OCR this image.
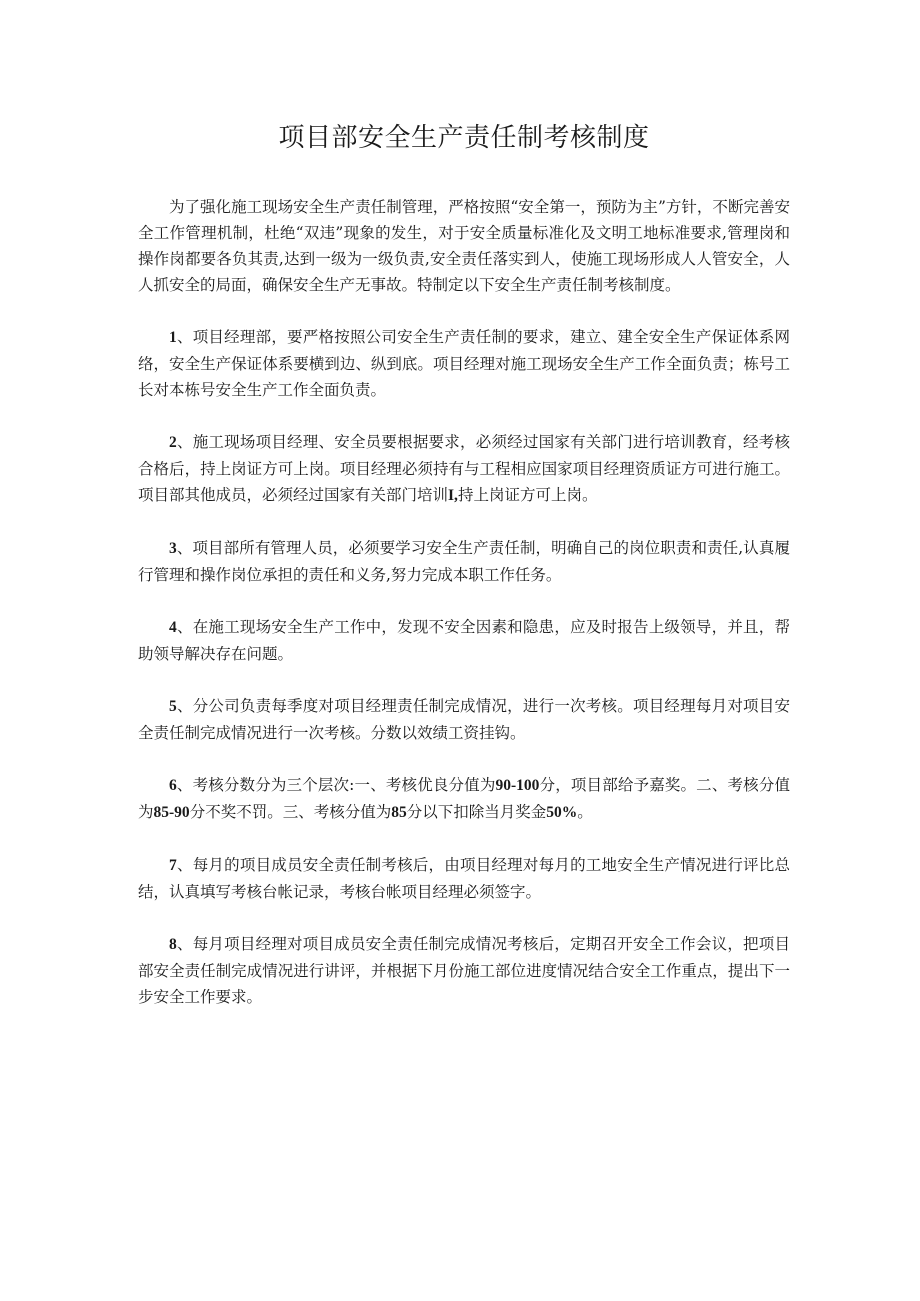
项目部安全生产责任制考核制度

为了强化施工现场安全生产责任制管理，严格按照“安全第一，预防为主”方针，不断完善安全工作管理机制，杜绝“双违”现象的发生，对于安全质量标准化及文明工地标准要求,管理岗和操作岗都要各负其责,达到一级为一级负责,安全责任落实到人，使施工现场形成人人管安全，人人抓安全的局面，确保安全生产无事故。特制定以下安全生产责任制考核制度。

1、项目经理部，要严格按照公司安全生产责任制的要求，建立、建全安全生产保证体系网络，安全生产保证体系要横到边、纵到底。项目经理对施工现场安全生产工作全面负责；栋号工长对本栋号安全生产工作全面负责。

2、施工现场项目经理、安全员要根据要求，必须经过国家有关部门进行培训教育，经考核合格后，持上岗证方可上岗。项目经理必须持有与工程相应国家项目经理资质证方可进行施工。项目部其他成员，必须经过国家有关部门培训I,持上岗证方可上岗。

3、项目部所有管理人员，必须要学习安全生产责任制，明确自己的岗位职责和责任,认真履行管理和操作岗位承担的责任和义务,努力完成本职工作任务。

4、在施工现场安全生产工作中，发现不安全因素和隐患，应及时报告上级领导，并且，帮助领导解决存在问题。

5、分公司负责每季度对项目经理责任制完成情况，进行一次考核。项目经理每月对项目安全责任制完成情况进行一次考核。分数以效绩工资挂钩。

6、考核分数分为三个层次:一、考核优良分值为90-100分，项目部给予嘉奖。二、考核分值为85-90分不奖不罚。三、考核分值为85分以下扣除当月奖金50%。

7、每月的项目成员安全责任制考核后，由项目经理对每月的工地安全生产情况进行评比总结，认真填写考核台帐记录，考核台帐项目经理必须签字。

8、每月项目经理对项目成员安全责任制完成情况考核后，定期召开安全工作会议，把项目部安全责任制完成情况进行讲评，并根据下月份施工部位进度情况结合安全工作重点，提出下一步安全工作要求。
